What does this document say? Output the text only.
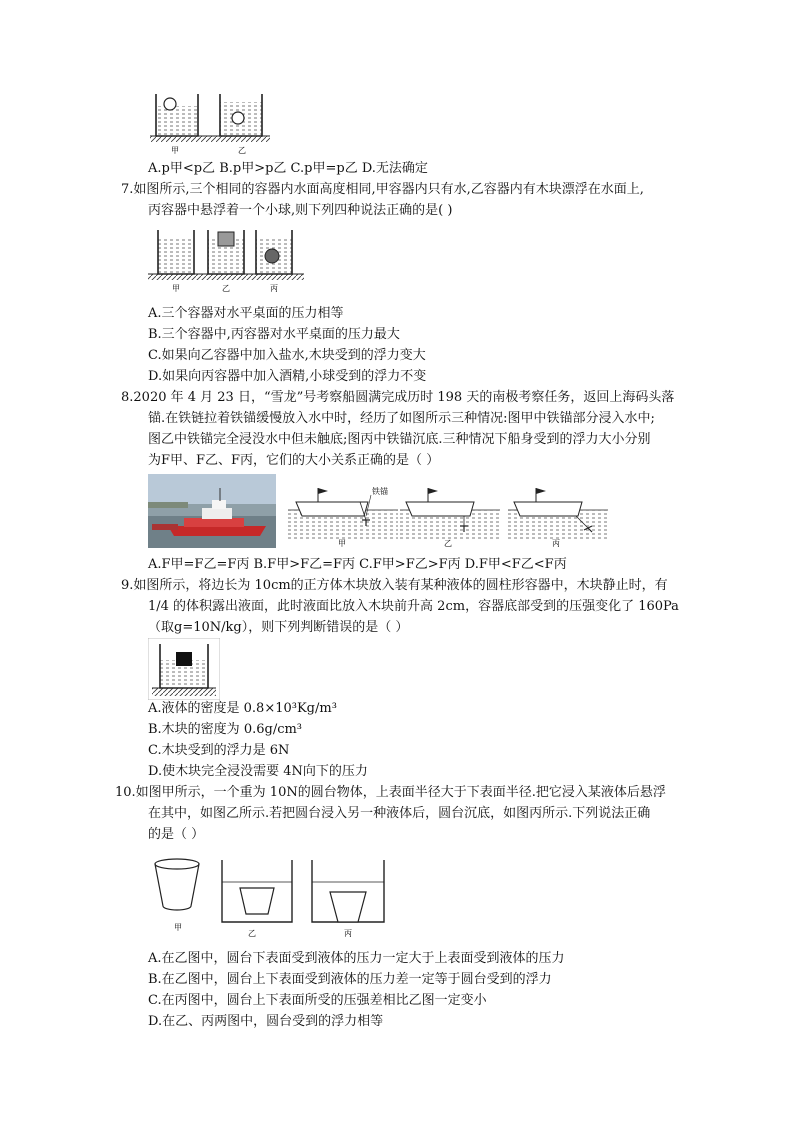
甲	乙
A.p甲<p乙 B.p甲>p乙 C.p甲=p乙 D.无法确定
7.如图所示,三个相同的容器内水面高度相同,甲容器内只有水,乙容器内有木块漂浮在水面上,
丙容器中悬浮着一个小球,则下列四种说法正确的是( )
甲	乙	丙
A.三个容器对水平桌面的压力相等
B.三个容器中,丙容器对水平桌面的压力最大
C.如果向乙容器中加入盐水,木块受到的浮力变大
D.如果向丙容器中加入酒精,小球受到的浮力不变
8.2020 年 4 月 23 日，“雪龙”号考察船圆满完成历时 198 天的南极考察任务，返回上海码头落
锚.在铁链拉着铁锚缓慢放入水中时，经历了如图所示三种情况:图甲中铁锚部分浸入水中;
图乙中铁锚完全浸没水中但未触底;图丙中铁锚沉底.三种情况下船身受到的浮力大小分别
为F甲、F乙、F丙，它们的大小关系正确的是（ ）
铁锚
甲	乙	丙
A.F甲=F乙=F丙 B.F甲>F乙=F丙 C.F甲>F乙>F丙 D.F甲<F乙<F丙
9.如图所示，将边长为 10cm的正方体木块放入装有某种液体的圆柱形容器中，木块静止时，有
1/4 的体积露出液面，此时液面比放入木块前升高 2cm，容器底部受到的压强变化了 160Pa
（取g=10N/kg），则下列判断错误的是（ ）
A.液体的密度是 0.8×10³Kg/m³
B.木块的密度为 0.6g/cm³
C.木块受到的浮力是 6N
D.使木块完全浸没需要 4N向下的压力
10.如图甲所示，一个重为 10N的圆台物体，上表面半径大于下表面半径.把它浸入某液体后悬浮
在其中，如图乙所示.若把圆台浸入另一种液体后，圆台沉底，如图丙所示.下列说法正确
的是（ ）
甲
乙	丙
A.在乙图中，圆台下表面受到液体的压力一定大于上表面受到液体的压力
B.在乙图中，圆台上下表面受到液体的压力差一定等于圆台受到的浮力
C.在丙图中，圆台上下表面所受的压强差相比乙图一定变小
D.在乙、丙两图中，圆台受到的浮力相等
